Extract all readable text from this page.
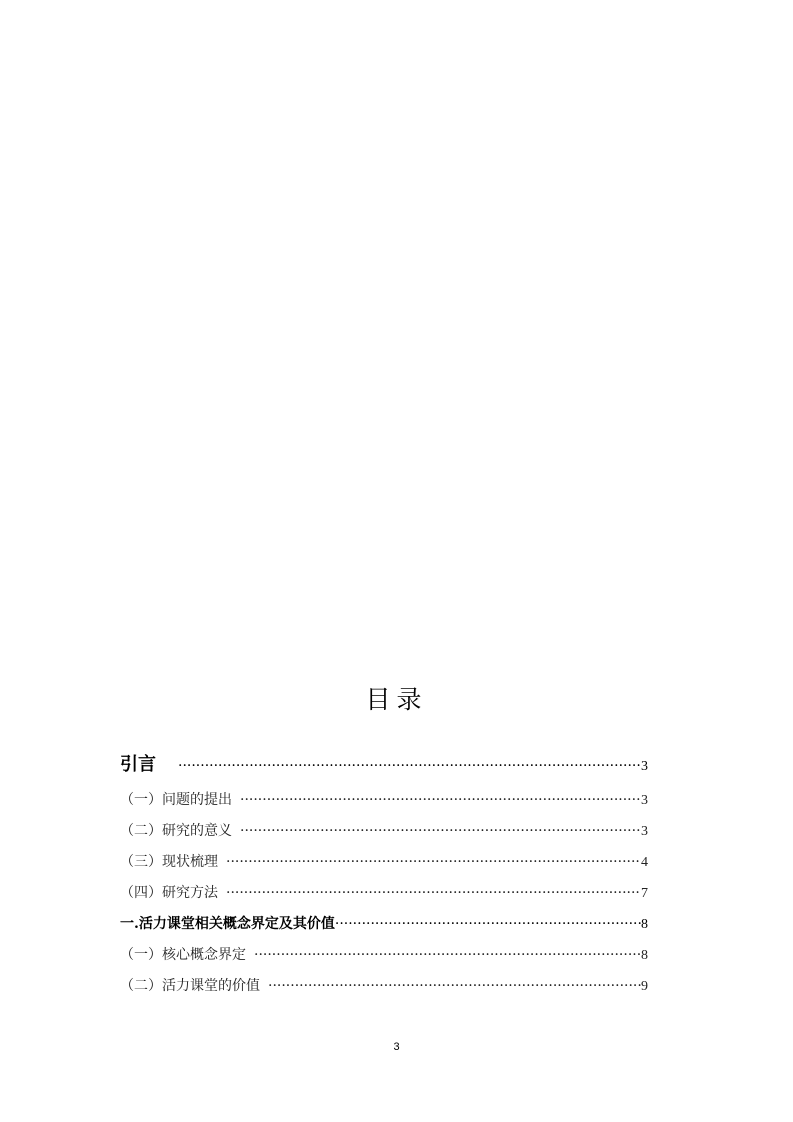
目录
引言 ·····	3
（一）问题的提出 ·····	3
（二）研究的意义 ·····	3
（三）现状梳理 ·····	4
（四）研究方法 ·····	7
一.活力课堂相关概念界定及其价值 ·····	8
（一）核心概念界定 ·····	8
（二）活力课堂的价值 ·····	9
3
